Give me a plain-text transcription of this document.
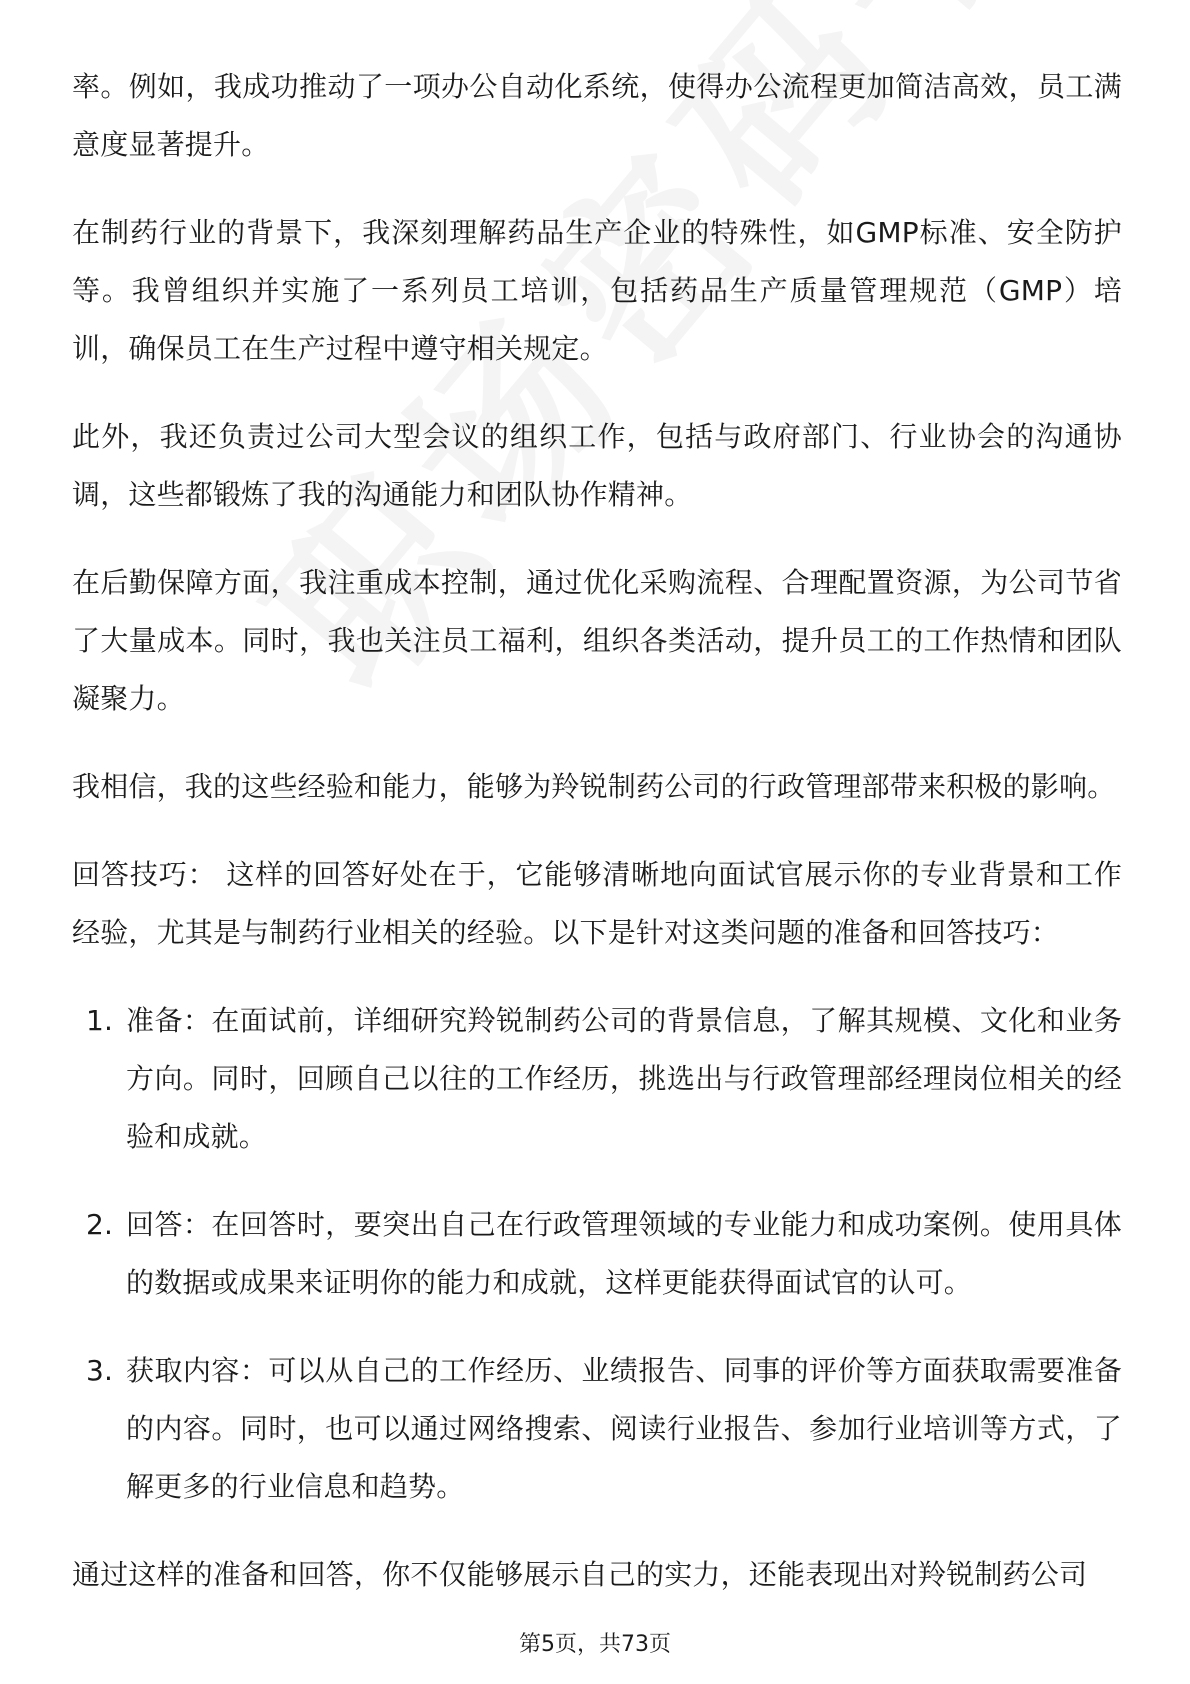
率。例如，我成功推动了一项办公自动化系统，使得办公流程更加简洁高效，员工满意度显著提升。

在制药行业的背景下，我深刻理解药品生产企业的特殊性，如GMP标准、安全防护等。我曾组织并实施了一系列员工培训，包括药品生产质量管理规范（GMP）培训，确保员工在生产过程中遵守相关规定。

此外，我还负责过公司大型会议的组织工作，包括与政府部门、行业协会的沟通协调，这些都锻炼了我的沟通能力和团队协作精神。

在后勤保障方面，我注重成本控制，通过优化采购流程、合理配置资源，为公司节省了大量成本。同时，我也关注员工福利，组织各类活动，提升员工的工作热情和团队凝聚力。

我相信，我的这些经验和能力，能够为羚锐制药公司的行政管理部带来积极的影响。

回答技巧： 这样的回答好处在于，它能够清晰地向面试官展示你的专业背景和工作经验，尤其是与制药行业相关的经验。以下是针对这类问题的准备和回答技巧：

1. 准备：在面试前，详细研究羚锐制药公司的背景信息，了解其规模、文化和业务方向。同时，回顾自己以往的工作经历，挑选出与行政管理部经理岗位相关的经验和成就。
2. 回答：在回答时，要突出自己在行政管理领域的专业能力和成功案例。使用具体的数据或成果来证明你的能力和成就，这样更能获得面试官的认可。
3. 获取内容：可以从自己的工作经历、业绩报告、同事的评价等方面获取需要准备的内容。同时，也可以通过网络搜索、阅读行业报告、参加行业培训等方式，了解更多的行业信息和趋势。

通过这样的准备和回答，你不仅能够展示自己的实力，还能表现出对羚锐制药公司

第5页，共73页
